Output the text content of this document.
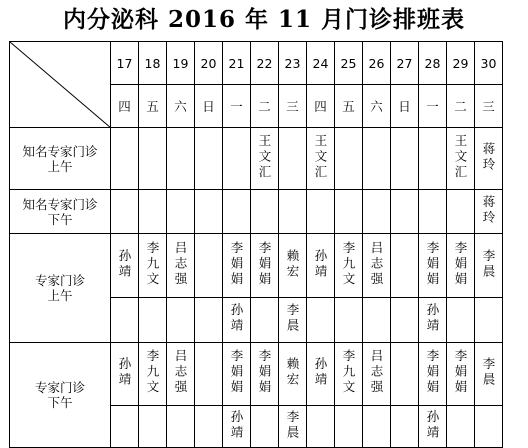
内分泌科 2016 年 11 月门诊排班表
	17	18	19	20	21	22	23	24	25	26	27	28	29	30
	四	五	六	日	一	二	三	四	五	六	日	一	二	三

知名专家门诊
上午						王文汇		王文汇					王文汇	蒋玲

知名专家门诊
下午														蒋玲

专家门诊
上午	孙靖	李九文	吕志强		李娟娟	李娟娟	赖宏	孙靖	李九文	吕志强		李娟娟	李娟娟	李晨
					孙靖		李晨					孙靖		

专家门诊
下午	孙靖	李九文	吕志强		李娟娟	李娟娟	赖宏	孙靖	李九文	吕志强		李娟娟	李娟娟	李晨
					孙靖		李晨					孙靖		
